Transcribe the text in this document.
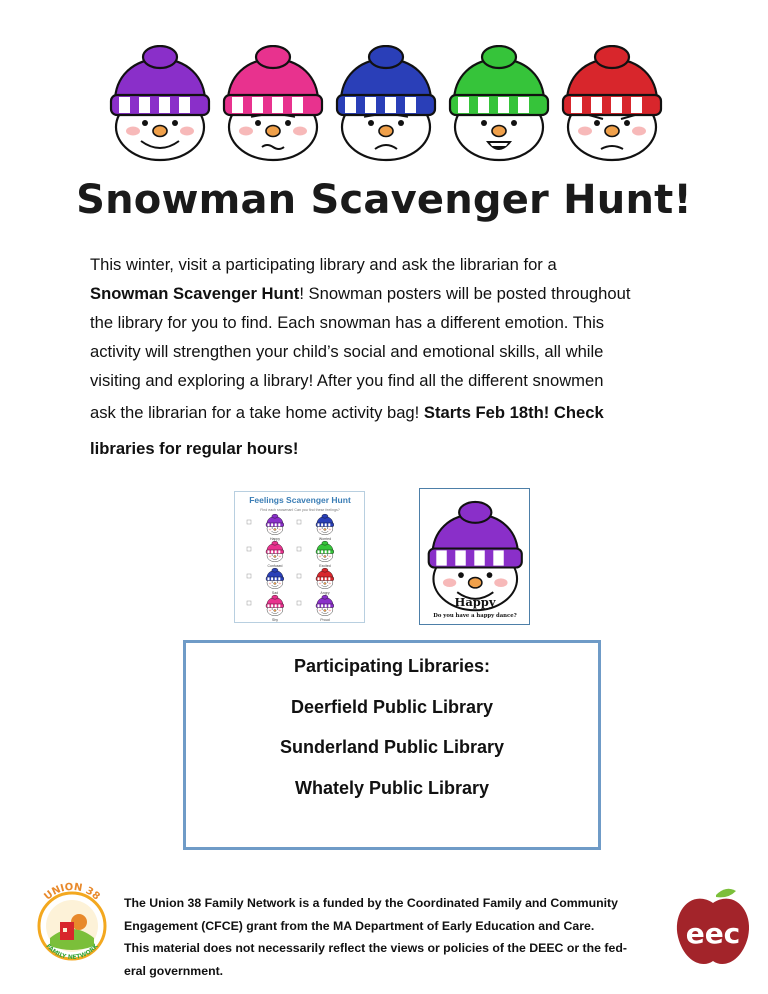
Snowman Scavenger Hunt!
This winter, visit a participating library and ask the librarian for a
Snowman Scavenger Hunt! Snowman posters will be posted throughout
the library for you to find. Each snowman has a different emotion. This
activity will strengthen your child’s social and emotional skills, all while
visiting and exploring a library! After you find all the different snowmen
ask the librarian for a take home activity bag! Starts Feb 18th! Check
libraries for regular hours!
Feelings Scavenger Hunt
Find each snowman! Can you find these feelings?
Happy	Worried
Confused	Excited
Sad	Angry
Shy	Proud
Happy
Do you have a happy dance?
Participating Libraries:
Deerfield Public Library
Sunderland Public Library
Whately Public Library
UNION 38
FAMILY NETWORK
The Union 38 Family Network is a funded by the Coordinated Family and Community
Engagement (CFCE) grant from the MA Department of Early Education and Care.
This material does not necessarily reflect the views or policies of the DEEC or the fed-
eral government.
eec
